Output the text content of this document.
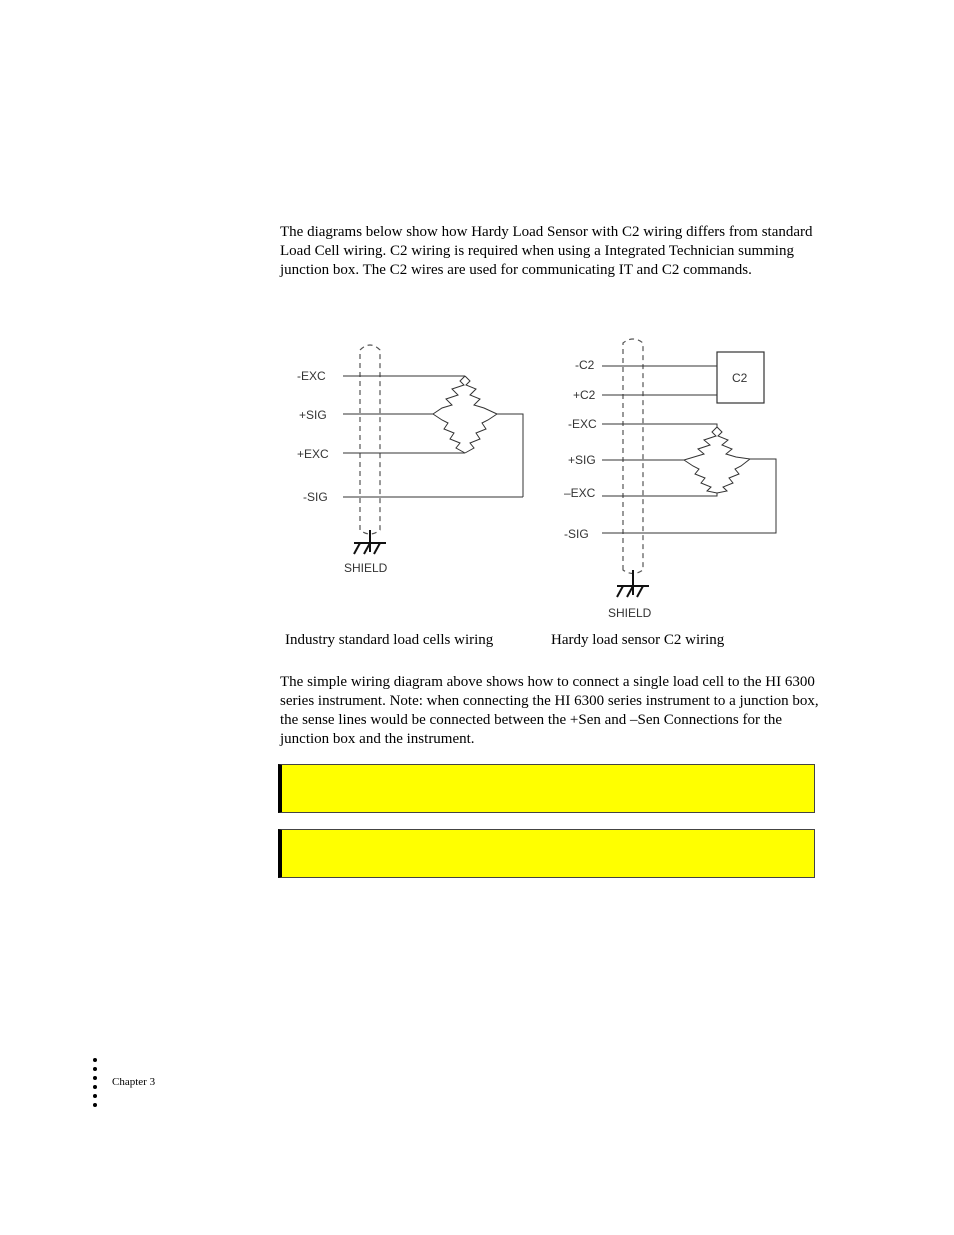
The diagrams below show how Hardy Load Sensor with C2 wiring differs from standard Load Cell wiring. C2 wiring is required when using a Integrated Technician summing junction box. The C2 wires are used for communicating IT and C2 commands.

-EXC
+SIG
+EXC
-SIG
SHIELD
C2
-C2
+C2
-EXC
+SIG
–EXC
-SIG
SHIELD
Industry standard load cells wiring	Hardy load sensor C2 wiring

The simple wiring diagram above shows how to connect a single load cell to the HI 6300 series instrument. Note: when connecting the HI 6300 series instrument to a junction box, the sense lines would be connected between the +Sen and –Sen Connections for the junction box and the instrument.

Chapter 3
